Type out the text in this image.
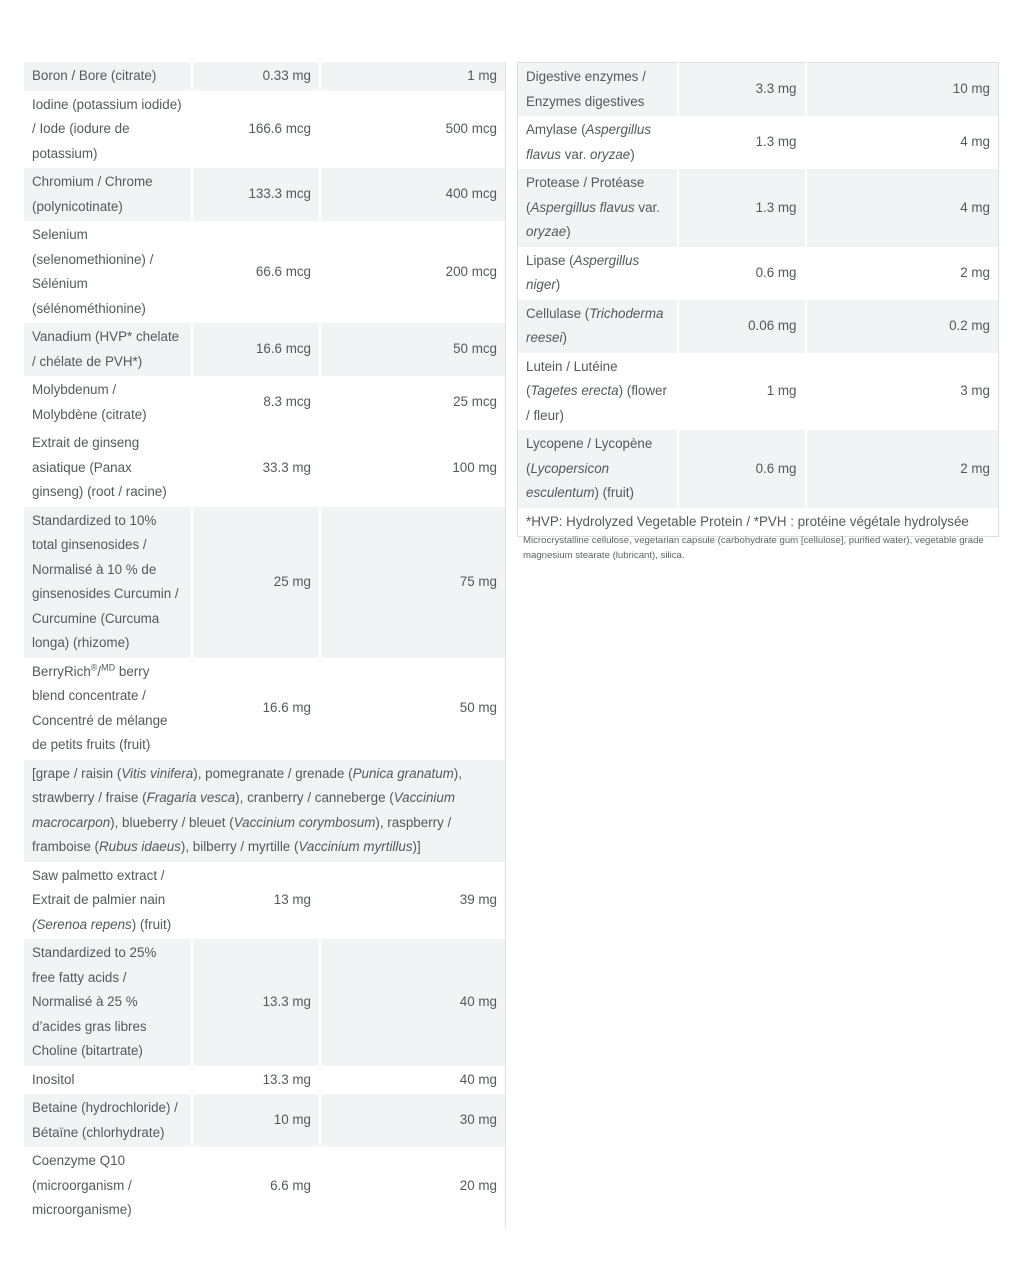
Boron / Bore (citrate)	0.33 mg	1 mg
Iodine (potassium iodide) / Iode (iodure de potassium)	166.6 mcg	500 mcg
Chromium / Chrome (polynicotinate)	133.3 mcg	400 mcg
Selenium (selenomethionine) / Sélénium (sélénométhionine)	66.6 mcg	200 mcg
Vanadium (HVP* chelate / chélate de PVH*)	16.6 mcg	50 mcg
Molybdenum / Molybdène (citrate)	8.3 mcg	25 mcg
Extrait de ginseng asiatique (Panax ginseng) (root / racine)	33.3 mg	100 mg
Standardized to 10% total ginsenosides / Normalisé à 10 % de ginsenosides Curcumin / Curcumine (Curcuma longa) (rhizome)	25 mg	75 mg
BerryRich®/$^{MD}$ berry blend concentrate / Concentré de mélange de petits fruits (fruit)	16.6 mg	50 mg
[grape / raisin (Vitis vinifera), pomegranate / grenade (Punica granatum), strawberry / fraise (Fragaria vesca), cranberry / canneberge (Vaccinium macrocarpon), blueberry / bleuet (Vaccinium corymbosum), raspberry / framboise (Rubus idaeus), bilberry / myrtille (Vaccinium myrtillus)]		
Saw palmetto extract / Extrait de palmier nain (Serenoa repens) (fruit)	13 mg	39 mg
Standardized to 25% free fatty acids / Normalisé à 25 % d’acides gras libres Choline (bitartrate)	13.3 mg	40 mg
Inositol	13.3 mg	40 mg
Betaine (hydrochloride) / Bétaïne (chlorhydrate)	10 mg	30 mg
Coenzyme Q10 (microorganism / microorganisme)	6.6 mg	20 mg
Digestive enzymes / Enzymes digestives	3.3 mg	10 mg
Amylase (Aspergillus flavus var. oryzae)	1.3 mg	4 mg
Protease / Protéase (Aspergillus flavus var. oryzae)	1.3 mg	4 mg
Lipase (Aspergillus niger)	0.6 mg	2 mg
Cellulase (Trichoderma reesei)	0.06 mg	0.2 mg
Lutein / Lutéine (Tagetes erecta) (flower / fleur)	1 mg	3 mg
Lycopene / Lycopène (Lycopersicon esculentum) (fruit)	0.6 mg	2 mg
*HVP: Hydrolyzed Vegetable Protein / *PVH : protéine végétale hydrolysée		
Microcrystalline cellulose, vegetarian capsule (carbohydrate gum [cellulose], purified water), vegetable grade magnesium stearate (lubricant), silica.
